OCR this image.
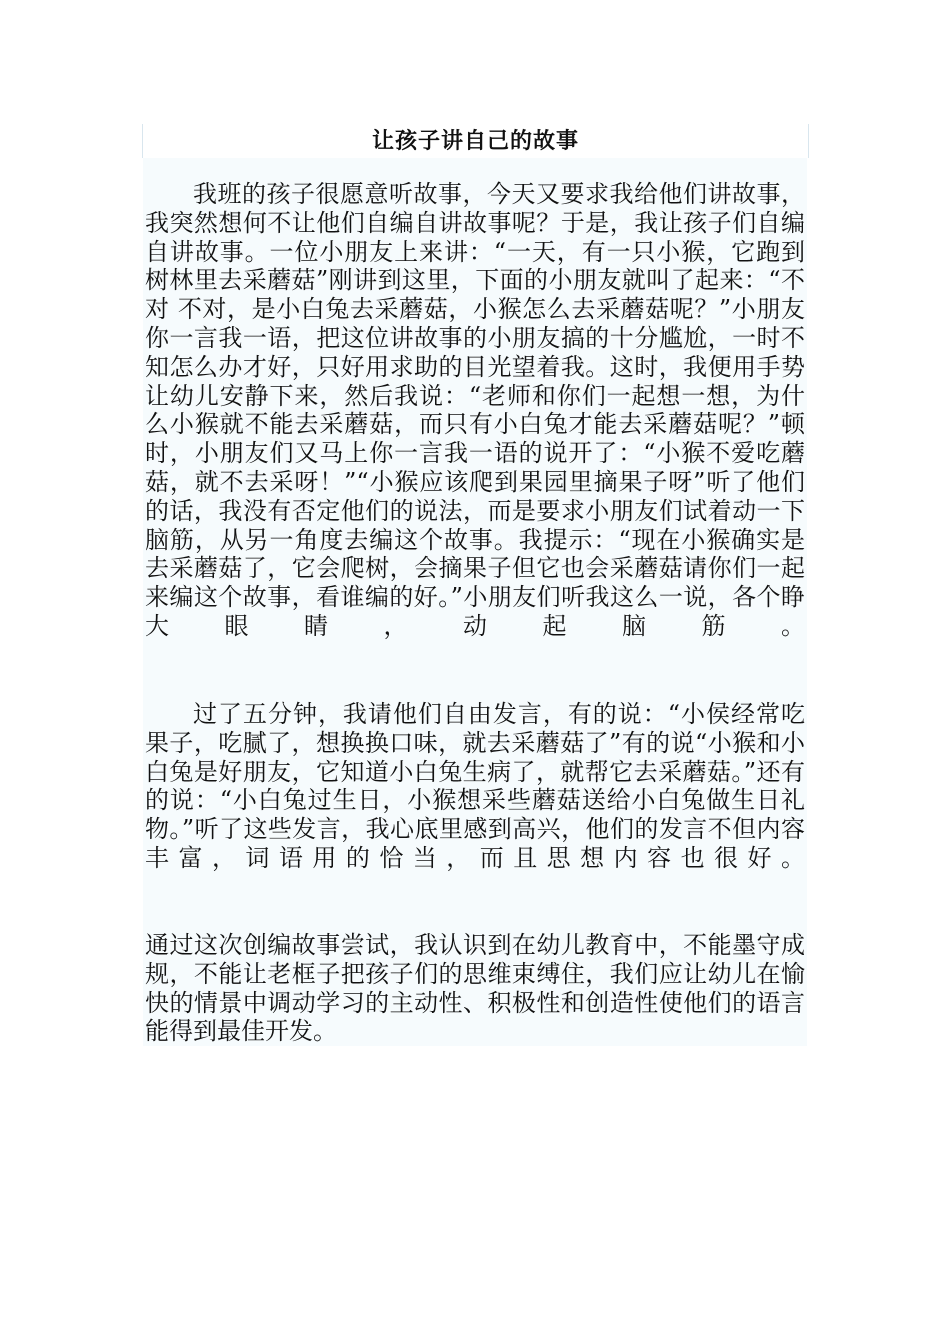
让孩子讲自己的故事

我班的孩子很愿意听故事，今天又要求我给他们讲故事，我突然想何不让他们自编自讲故事呢？于是，我让孩子们自编自讲故事。一位小朋友上来讲：“一天，有一只小猴，它跑到树林里去采蘑菇”刚讲到这里，下面的小朋友就叫了起来：“不对 不对，是小白兔去采蘑菇，小猴怎么去采蘑菇呢？”小朋友你一言我一语，把这位讲故事的小朋友搞的十分尴尬，一时不知怎么办才好，只好用求助的目光望着我。这时，我便用手势让幼儿安静下来，然后我说：“老师和你们一起想一想，为什么小猴就不能去采蘑菇，而只有小白兔才能去采蘑菇呢？”顿时，小朋友们又马上你一言我一语的说开了：“小猴不爱吃蘑菇，就不去采呀！”“小猴应该爬到果园里摘果子呀”听了他们的话，我没有否定他们的说法，而是要求小朋友们试着动一下脑筋，从另一角度去编这个故事。我提示：“现在小猴确实是去采蘑菇了，它会爬树，会摘果子但它也会采蘑菇请你们一起来编这个故事，看谁编的好。”小朋友们听我这么一说，各个睁大眼睛，动起脑筋。

过了五分钟，我请他们自由发言，有的说：“小侯经常吃果子，吃腻了，想换换口味，就去采蘑菇了”有的说“小猴和小白兔是好朋友，它知道小白兔生病了，就帮它去采蘑菇。”还有的说：“小白兔过生日，小猴想采些蘑菇送给小白兔做生日礼物。”听了这些发言，我心底里感到高兴，他们的发言不但内容丰富，词语用的恰当，而且思想内容也很好。

通过这次创编故事尝试，我认识到在幼儿教育中，不能墨守成规，不能让老框子把孩子们的思维束缚住，我们应让幼儿在愉快的情景中调动学习的主动性、积极性和创造性使他们的语言能得到最佳开发。
